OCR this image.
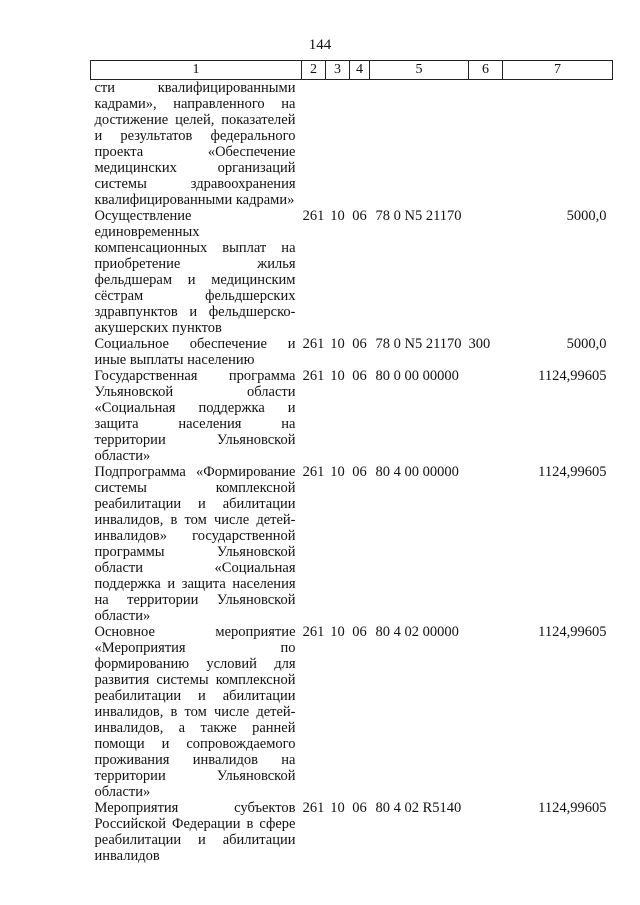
144
1	2	3	4	5	6	7
сти квалифицированными кадрами», направленного на достижение целей, показателей и результатов федерального проекта «Обеспечение медицинских организаций системы здравоохранения квалифицированными кадрами»						
Осуществление единовременных компенсационных выплат на приобретение жилья фельдшерам и медицинским сёстрам фельдшерских здравпунктов и фельдшерско-акушерских пунктов	261	10	06	78 0 N5 21170		5000,0
Социальное обеспечение и иные выплаты населению	261	10	06	78 0 N5 21170	300	5000,0
Государственная программа Ульяновской области «Социальная поддержка и защита населения на территории Ульяновской области»	261	10	06	80 0 00 00000		1124,99605
Подпрограмма «Формирование системы комплексной реабилитации и абилитации инвалидов, в том числе детей-инвалидов» государственной программы Ульяновской области «Социальная поддержка и защита населения на территории Ульяновской области»	261	10	06	80 4 00 00000		1124,99605
Основное мероприятие «Мероприятия по формированию условий для развития системы комплексной реабилитации и абилитации инвалидов, в том числе детей-инвалидов, а также ранней помощи и сопровождаемого проживания инвалидов на территории Ульяновской области»	261	10	06	80 4 02 00000		1124,99605
Мероприятия субъектов Российской Федерации в сфере реабилитации и абилитации инвалидов	261	10	06	80 4 02 R5140		1124,99605
